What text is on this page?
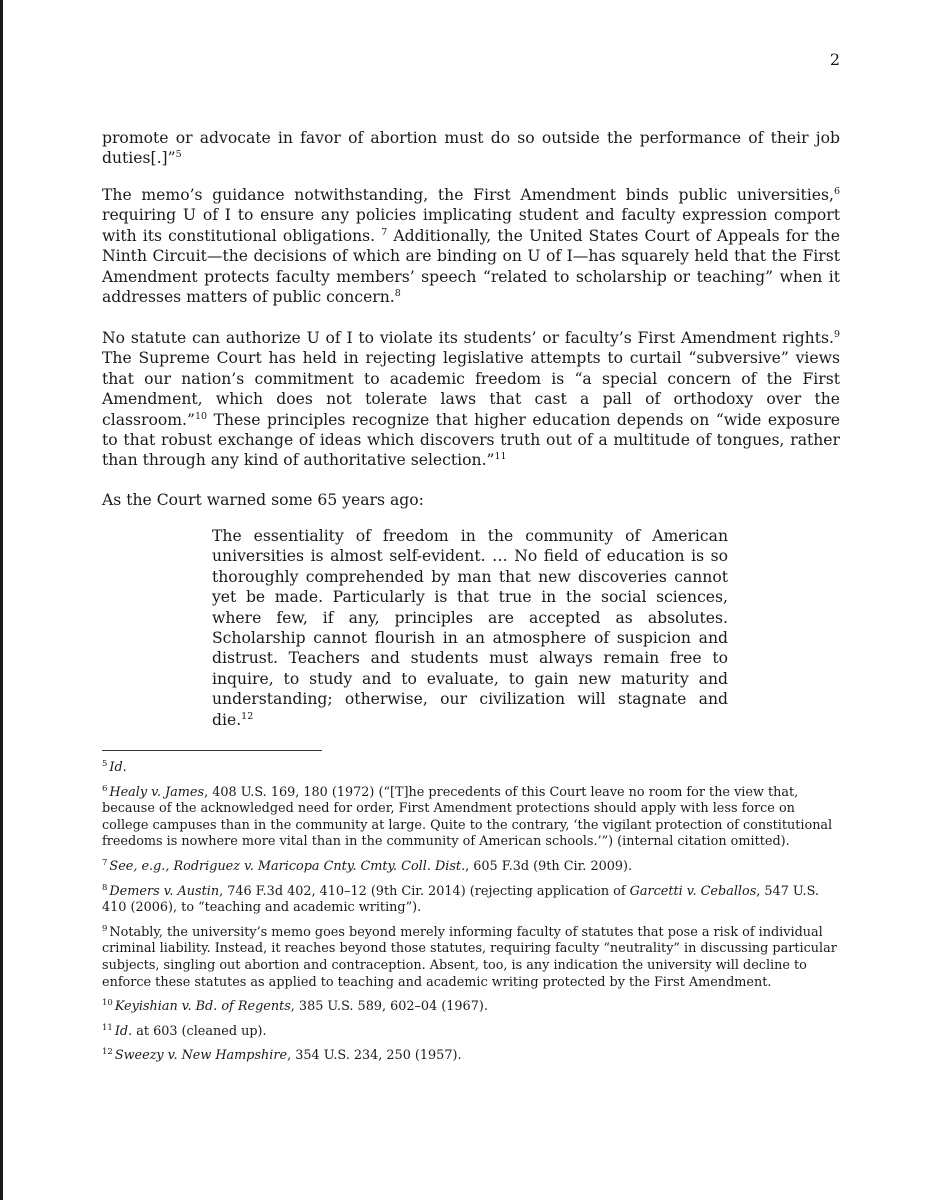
2

promote or advocate in favor of abortion must do so outside the performance of their job duties[.]”$^5$

The memo’s guidance notwithstanding, the First Amendment binds public universities,$^6$ requiring U of I to ensure any policies implicating student and faculty expression comport with its constitutional obligations. $^7$ Additionally, the United States Court of Appeals for the Ninth Circuit—the decisions of which are binding on U of I—has squarely held that the First Amendment protects faculty members’ speech “related to scholarship or teaching” when it addresses matters of public concern.$^8$

No statute can authorize U of I to violate its students’ or faculty’s First Amendment rights.$^9$ The Supreme Court has held in rejecting legislative attempts to curtail “subversive” views that our nation’s commitment to academic freedom is “a special concern of the First Amendment, which does not tolerate laws that cast a pall of orthodoxy over the classroom.”$^{10}$ These principles recognize that higher education depends on “wide exposure to that robust exchange of ideas which discovers truth out of a multitude of tongues, rather than through any kind of authoritative selection.”$^{11}$

As the Court warned some 65 years ago:

The essentiality of freedom in the community of American universities is almost self-evident. … No field of education is so thoroughly comprehended by man that new discoveries cannot yet be made. Particularly is that true in the social sciences, where few, if any, principles are accepted as absolutes. Scholarship cannot flourish in an atmosphere of suspicion and distrust. Teachers and students must always remain free to inquire, to study and to evaluate, to gain new maturity and understanding; otherwise, our civilization will stagnate and die.$^{12}$

$^5$ Id.

$^6$ Healy v. James, 408 U.S. 169, 180 (1972) (“[T]he precedents of this Court leave no room for the view that, because of the acknowledged need for order, First Amendment protections should apply with less force on college campuses than in the community at large. Quite to the contrary, ‘the vigilant protection of constitutional freedoms is nowhere more vital than in the community of American schools.’”) (internal citation omitted).

$^7$ See, e.g., Rodriguez v. Maricopa Cnty. Cmty. Coll. Dist., 605 F.3d (9th Cir. 2009).

$^8$ Demers v. Austin, 746 F.3d 402, 410–12 (9th Cir. 2014) (rejecting application of Garcetti v. Ceballos, 547 U.S. 410 (2006), to “teaching and academic writing”).

$^9$ Notably, the university’s memo goes beyond merely informing faculty of statutes that pose a risk of individual criminal liability. Instead, it reaches beyond those statutes, requiring faculty “neutrality” in discussing particular subjects, singling out abortion and contraception. Absent, too, is any indication the university will decline to enforce these statutes as applied to teaching and academic writing protected by the First Amendment.

$^{10}$ Keyishian v. Bd. of Regents, 385 U.S. 589, 602–04 (1967).

$^{11}$ Id. at 603 (cleaned up).

$^{12}$ Sweezy v. New Hampshire, 354 U.S. 234, 250 (1957).
